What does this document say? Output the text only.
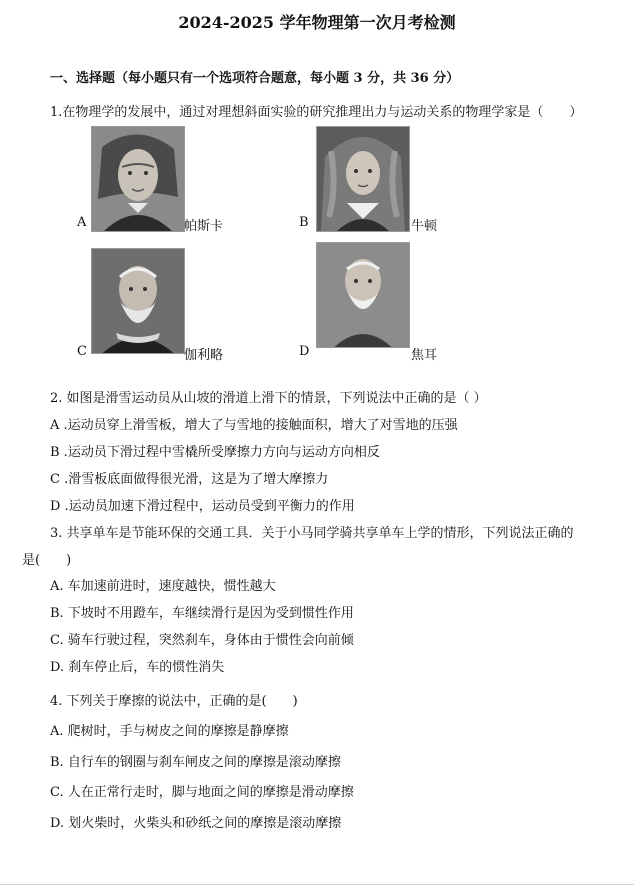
2024-2025 学年物理第一次月考检测
一、选择题（每小题只有一个选项符合题意，每小题 3 分，共 36 分）
1.在物理学的发展中，通过对理想斜面实验的研究推理出力与运动关系的物理学家是（　　）
A	帕斯卡	B	牛顿
C	伽利略	D	焦耳
2. 如图是滑雪运动员从山坡的滑道上滑下的情景，下列说法中正确的是（ ）
A .运动员穿上滑雪板，增大了与雪地的接触面积，增大了对雪地的压强
B .运动员下滑过程中雪橇所受摩擦力方向与运动方向相反
C .滑雪板底面做得很光滑，这是为了增大摩擦力
D .运动员加速下滑过程中，运动员受到平衡力的作用
3. 共享单车是节能环保的交通工具．关于小马同学骑共享单车上学的情形，下列说法正确的
是(　　)
A. 车加速前进时，速度越快，惯性越大
B. 下坡时不用蹬车，车继续滑行是因为受到惯性作用
C. 骑车行驶过程，突然刹车，身体由于惯性会向前倾
D. 刹车停止后，车的惯性消失
4. 下列关于摩擦的说法中，正确的是(　　)
A. 爬树时，手与树皮之间的摩擦是静摩擦
B. 自行车的钢圈与刹车闸皮之间的摩擦是滚动摩擦
C. 人在正常行走时，脚与地面之间的摩擦是滑动摩擦
D. 划火柴时，火柴头和砂纸之间的摩擦是滚动摩擦
